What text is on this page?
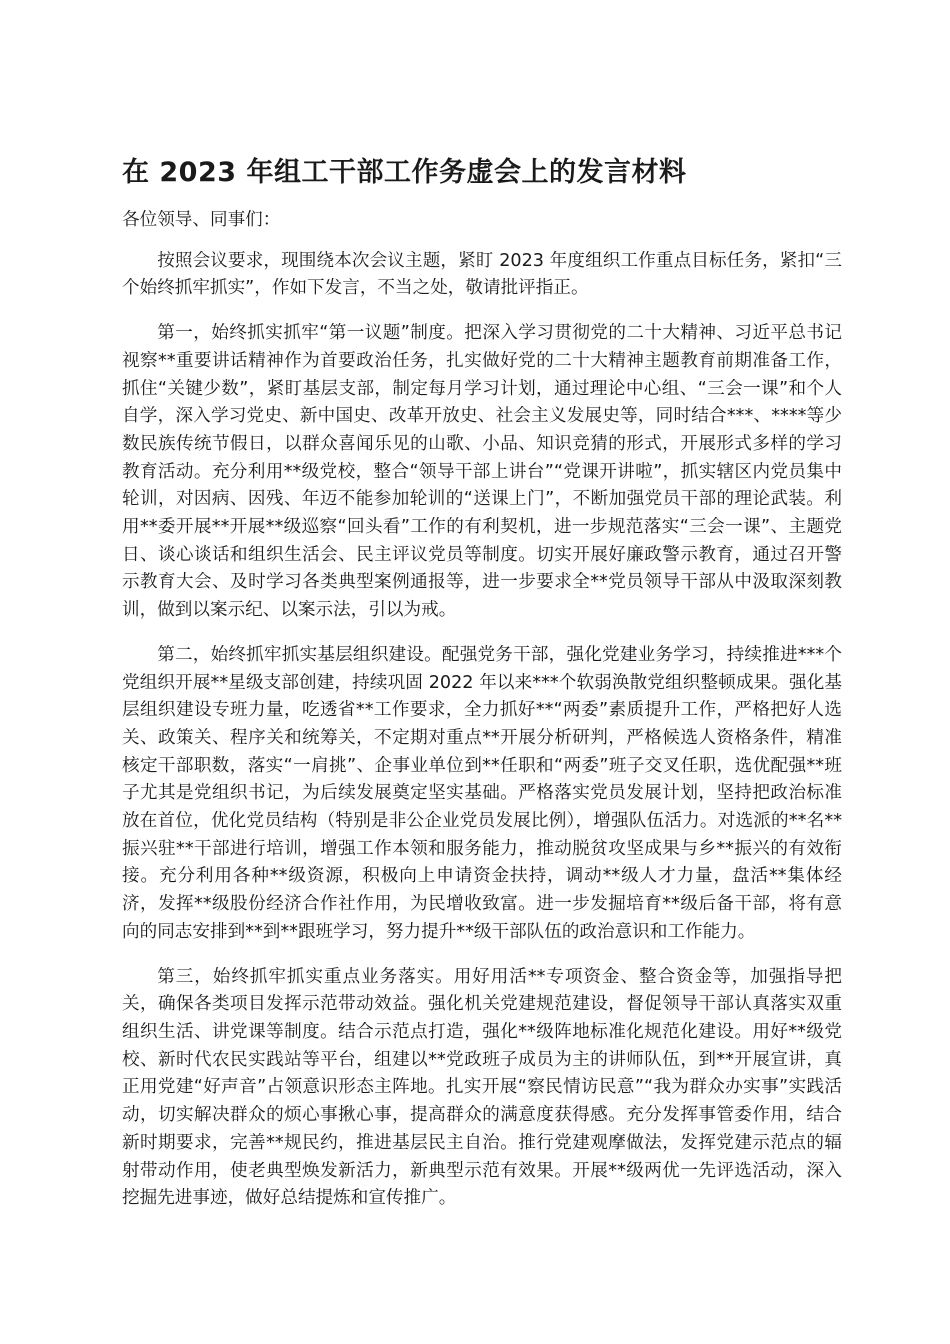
在 2023 年组工干部工作务虚会上的发言材料

各位领导、同事们：

按照会议要求，现围绕本次会议主题，紧盯 2023 年度组织工作重点目标任务，紧扣“三个始终抓牢抓实”，作如下发言，不当之处，敬请批评指正。

第一，始终抓实抓牢“第一议题”制度。把深入学习贯彻党的二十大精神、习近平总书记视察**重要讲话精神作为首要政治任务，扎实做好党的二十大精神主题教育前期准备工作，抓住“关键少数”，紧盯基层支部，制定每月学习计划，通过理论中心组、“三会一课”和个人自学，深入学习党史、新中国史、改革开放史、社会主义发展史等，同时结合***、****等少数民族传统节假日，以群众喜闻乐见的山歌、小品、知识竞猜的形式，开展形式多样的学习教育活动。充分利用**级党校，整合“领导干部上讲台”“党课开讲啦”，抓实辖区内党员集中轮训，对因病、因残、年迈不能参加轮训的“送课上门”，不断加强党员干部的理论武装。利用**委开展**开展**级巡察“回头看”工作的有利契机，进一步规范落实“三会一课”、主题党日、谈心谈话和组织生活会、民主评议党员等制度。切实开展好廉政警示教育，通过召开警示教育大会、及时学习各类典型案例通报等，进一步要求全**党员领导干部从中汲取深刻教训，做到以案示纪、以案示法，引以为戒。

第二，始终抓牢抓实基层组织建设。配强党务干部，强化党建业务学习，持续推进***个党组织开展**星级支部创建，持续巩固 2022 年以来***个软弱涣散党组织整顿成果。强化基层组织建设专班力量，吃透省**工作要求，全力抓好**“两委”素质提升工作，严格把好人选关、政策关、程序关和统筹关，不定期对重点**开展分析研判，严格候选人资格条件，精准核定干部职数，落实“一肩挑”、企事业单位到**任职和“两委”班子交叉任职，选优配强**班子尤其是党组织书记，为后续发展奠定坚实基础。严格落实党员发展计划，坚持把政治标准放在首位，优化党员结构（特别是非公企业党员发展比例），增强队伍活力。对选派的**名**振兴驻**干部进行培训，增强工作本领和服务能力，推动脱贫攻坚成果与乡**振兴的有效衔接。充分利用各种**级资源，积极向上申请资金扶持，调动**级人才力量，盘活**集体经济，发挥**级股份经济合作社作用，为民增收致富。进一步发掘培育**级后备干部，将有意向的同志安排到**到**跟班学习，努力提升**级干部队伍的政治意识和工作能力。

第三，始终抓牢抓实重点业务落实。用好用活**专项资金、整合资金等，加强指导把关，确保各类项目发挥示范带动效益。强化机关党建规范建设，督促领导干部认真落实双重组织生活、讲党课等制度。结合示范点打造，强化**级阵地标准化规范化建设。用好**级党校、新时代农民实践站等平台，组建以**党政班子成员为主的讲师队伍，到**开展宣讲，真正用党建“好声音”占领意识形态主阵地。扎实开展“察民情访民意”“我为群众办实事”实践活动，切实解决群众的烦心事揪心事，提高群众的满意度获得感。充分发挥事管委作用，结合新时期要求，完善**规民约，推进基层民主自治。推行党建观摩做法，发挥党建示范点的辐射带动作用，使老典型焕发新活力，新典型示范有效果。开展**级两优一先评选活动，深入挖掘先进事迹，做好总结提炼和宣传推广。
